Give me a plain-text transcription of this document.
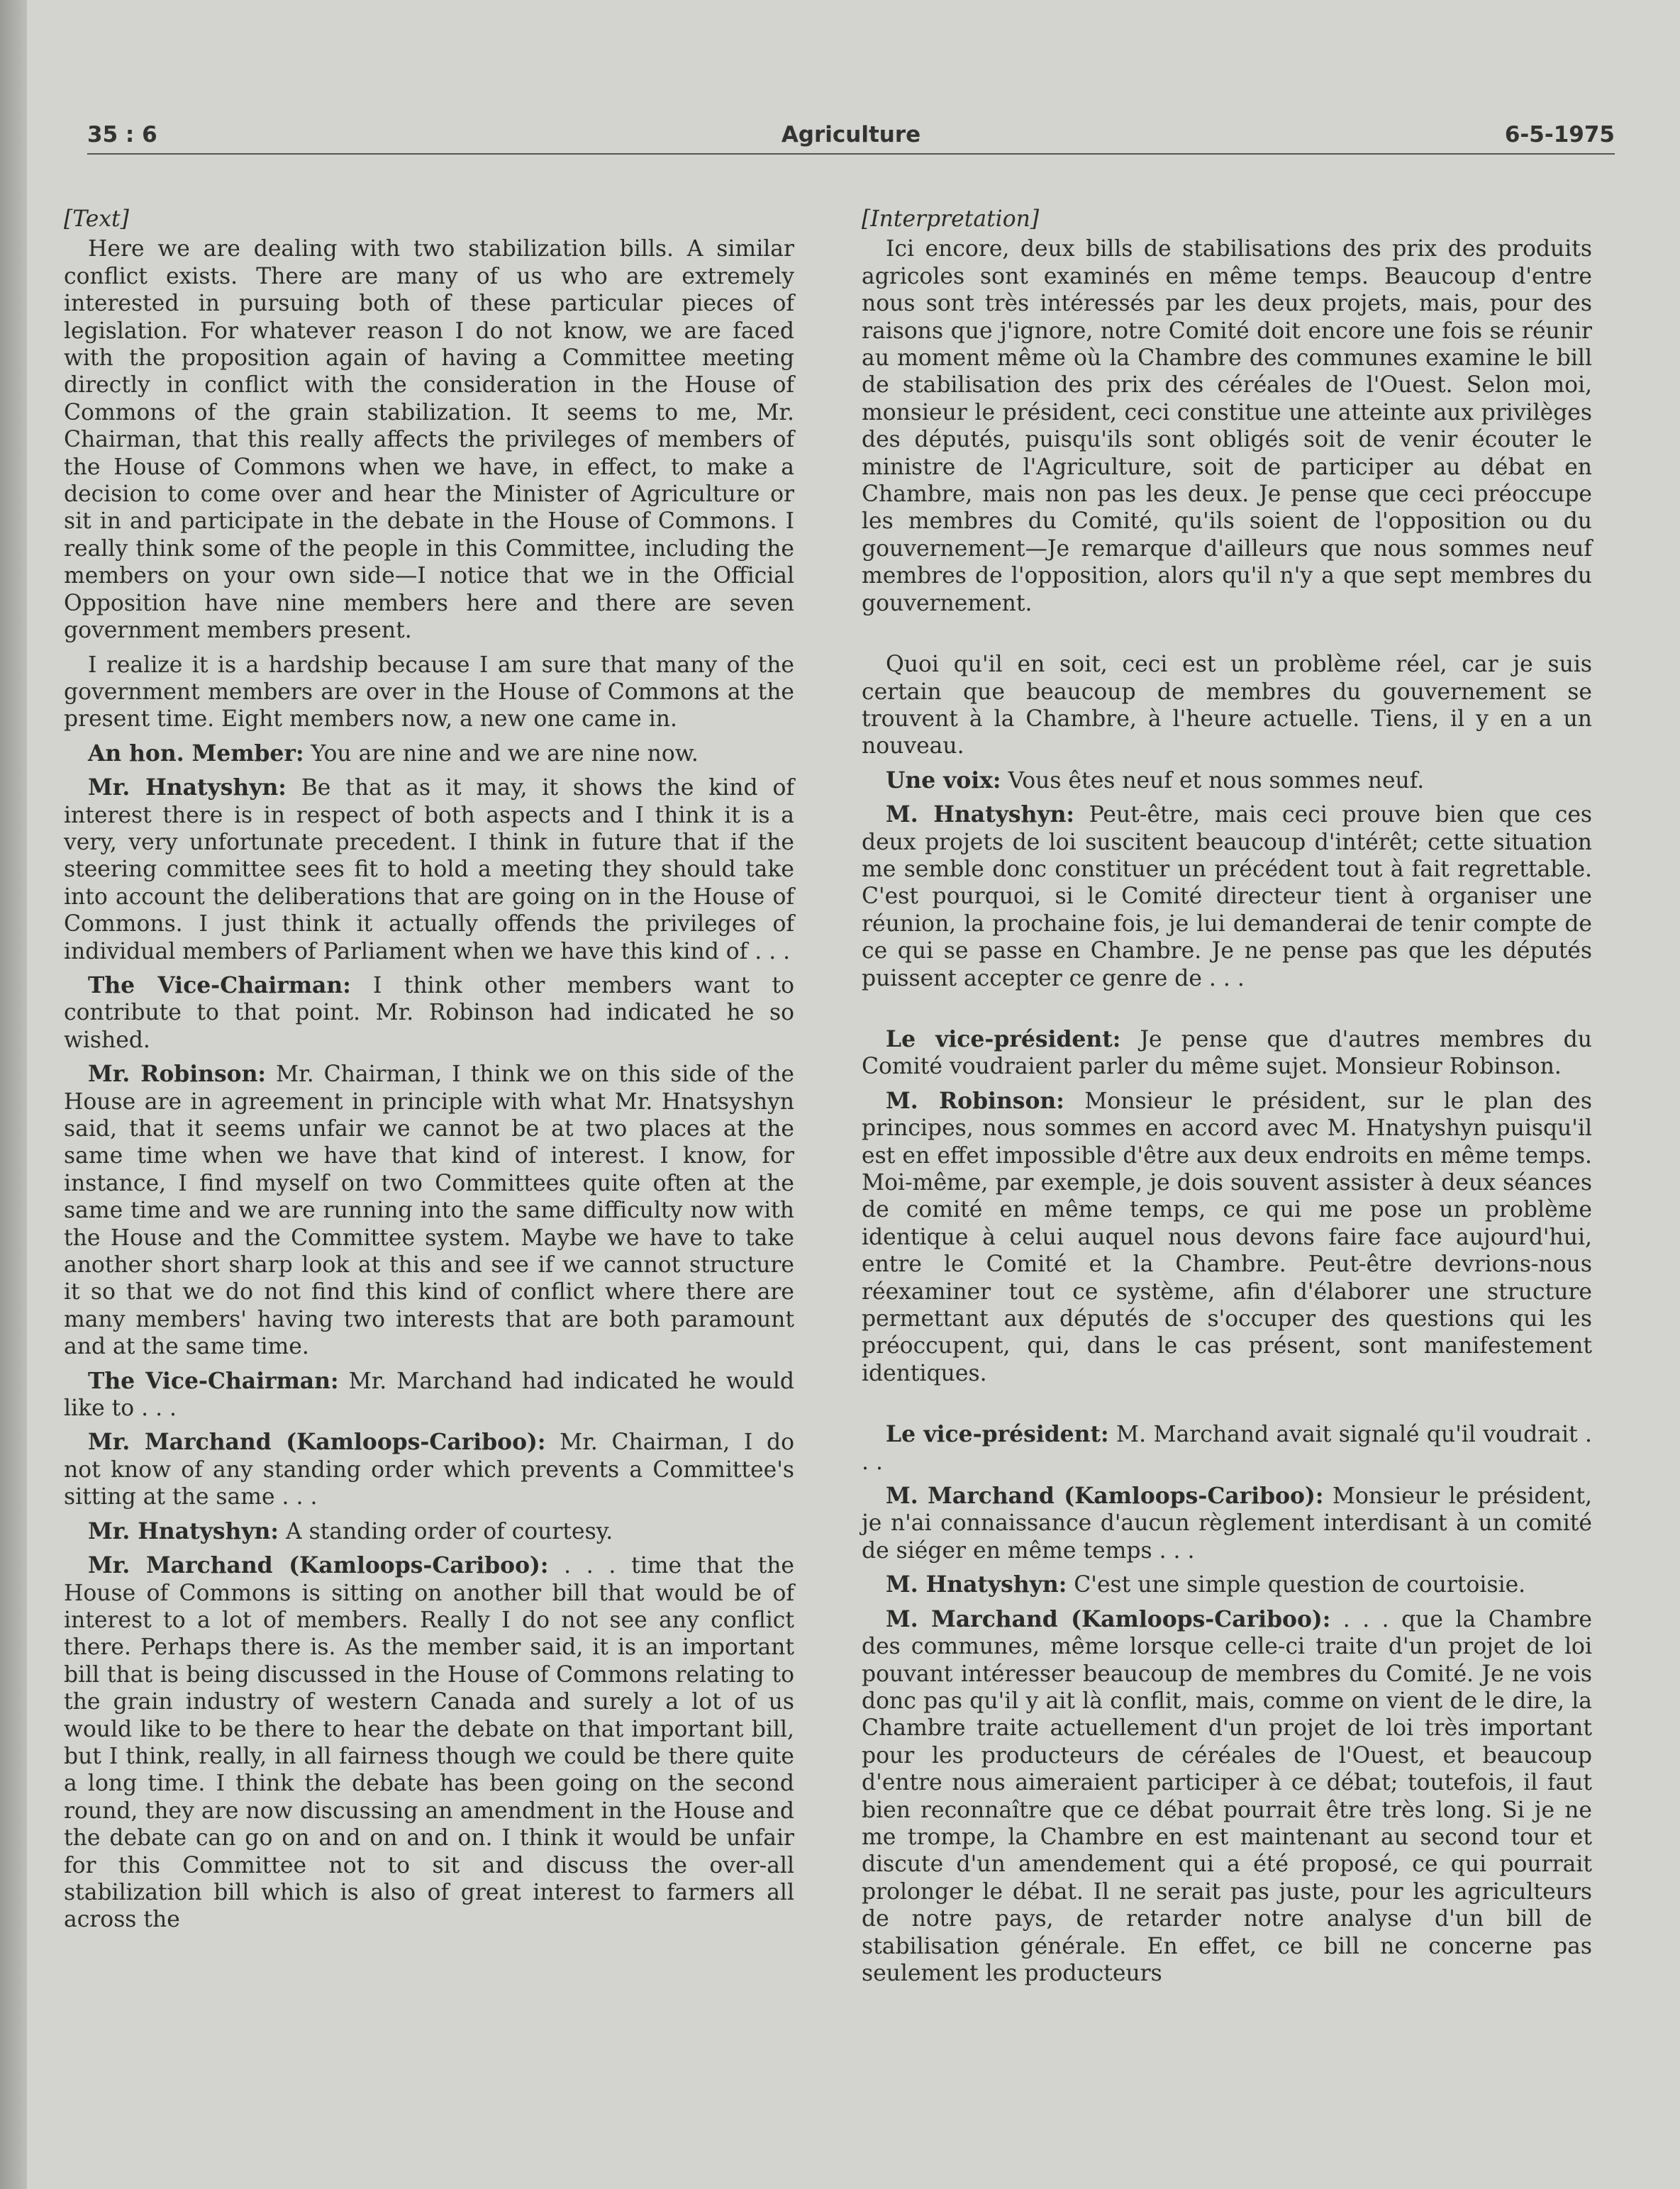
35 : 6	Agriculture	6-5-1975
[Text]

Here we are dealing with two stabilization bills. A similar conflict exists. There are many of us who are extremely interested in pursuing both of these particular pieces of legislation. For whatever reason I do not know, we are faced with the proposition again of having a Committee meeting directly in conflict with the consideration in the House of Commons of the grain stabilization. It seems to me, Mr. Chairman, that this really affects the privileges of members of the House of Commons when we have, in effect, to make a decision to come over and hear the Minister of Agriculture or sit in and participate in the debate in the House of Commons. I really think some of the people in this Committee, including the members on your own side—I notice that we in the Official Opposition have nine members here and there are seven government members present.

I realize it is a hardship because I am sure that many of the government members are over in the House of Commons at the present time. Eight members now, a new one came in.

An hon. Member: You are nine and we are nine now.

Mr. Hnatyshyn: Be that as it may, it shows the kind of interest there is in respect of both aspects and I think it is a very, very unfortunate precedent. I think in future that if the steering committee sees fit to hold a meeting they should take into account the deliberations that are going on in the House of Commons. I just think it actually offends the privileges of individual members of Parliament when we have this kind of . . .

The Vice-Chairman: I think other members want to contribute to that point. Mr. Robinson had indicated he so wished.

Mr. Robinson: Mr. Chairman, I think we on this side of the House are in agreement in principle with what Mr. Hnatsyshyn said, that it seems unfair we cannot be at two places at the same time when we have that kind of interest. I know, for instance, I find myself on two Committees quite often at the same time and we are running into the same difficulty now with the House and the Committee system. Maybe we have to take another short sharp look at this and see if we cannot structure it so that we do not find this kind of conflict where there are many members' having two interests that are both paramount and at the same time.

The Vice-Chairman: Mr. Marchand had indicated he would like to . . .

Mr. Marchand (Kamloops-Cariboo): Mr. Chairman, I do not know of any standing order which prevents a Committee's sitting at the same . . .

Mr. Hnatyshyn: A standing order of courtesy.

Mr. Marchand (Kamloops-Cariboo): . . . time that the House of Commons is sitting on another bill that would be of interest to a lot of members. Really I do not see any conflict there. Perhaps there is. As the member said, it is an important bill that is being discussed in the House of Commons relating to the grain industry of western Canada and surely a lot of us would like to be there to hear the debate on that important bill, but I think, really, in all fairness though we could be there quite a long time. I think the debate has been going on the second round, they are now discussing an amendment in the House and the debate can go on and on and on. I think it would be unfair for this Committee not to sit and discuss the over-all stabilization bill which is also of great interest to farmers all across the

[Interpretation]

Ici encore, deux bills de stabilisations des prix des produits agricoles sont examinés en même temps. Beaucoup d'entre nous sont très intéressés par les deux projets, mais, pour des raisons que j'ignore, notre Comité doit encore une fois se réunir au moment même où la Chambre des communes examine le bill de stabilisation des prix des céréales de l'Ouest. Selon moi, monsieur le président, ceci constitue une atteinte aux privilèges des députés, puisqu'ils sont obligés soit de venir écouter le ministre de l'Agriculture, soit de participer au débat en Chambre, mais non pas les deux. Je pense que ceci préoccupe les membres du Comité, qu'ils soient de l'opposition ou du gouvernement—Je remarque d'ailleurs que nous sommes neuf membres de l'opposition, alors qu'il n'y a que sept membres du gouvernement.

Quoi qu'il en soit, ceci est un problème réel, car je suis certain que beaucoup de membres du gouvernement se trouvent à la Chambre, à l'heure actuelle. Tiens, il y en a un nouveau.

Une voix: Vous êtes neuf et nous sommes neuf.

M. Hnatyshyn: Peut-être, mais ceci prouve bien que ces deux projets de loi suscitent beaucoup d'intérêt; cette situation me semble donc constituer un précédent tout à fait regrettable. C'est pourquoi, si le Comité directeur tient à organiser une réunion, la prochaine fois, je lui demanderai de tenir compte de ce qui se passe en Chambre. Je ne pense pas que les députés puissent accepter ce genre de . . .

Le vice-président: Je pense que d'autres membres du Comité voudraient parler du même sujet. Monsieur Robinson.

M. Robinson: Monsieur le président, sur le plan des principes, nous sommes en accord avec M. Hnatyshyn puisqu'il est en effet impossible d'être aux deux endroits en même temps. Moi-même, par exemple, je dois souvent assister à deux séances de comité en même temps, ce qui me pose un problème identique à celui auquel nous devons faire face aujourd'hui, entre le Comité et la Chambre. Peut-être devrions-nous réexaminer tout ce système, afin d'élaborer une structure permettant aux députés de s'occuper des questions qui les préoccupent, qui, dans le cas présent, sont manifestement identiques.

Le vice-président: M. Marchand avait signalé qu'il voudrait . . .

M. Marchand (Kamloops-Cariboo): Monsieur le président, je n'ai connaissance d'aucun règlement interdisant à un comité de siéger en même temps . . .

M. Hnatyshyn: C'est une simple question de courtoisie.

M. Marchand (Kamloops-Cariboo): . . . que la Chambre des communes, même lorsque celle-ci traite d'un projet de loi pouvant intéresser beaucoup de membres du Comité. Je ne vois donc pas qu'il y ait là conflit, mais, comme on vient de le dire, la Chambre traite actuellement d'un projet de loi très important pour les producteurs de céréales de l'Ouest, et beaucoup d'entre nous aimeraient participer à ce débat; toutefois, il faut bien reconnaître que ce débat pourrait être très long. Si je ne me trompe, la Chambre en est maintenant au second tour et discute d'un amendement qui a été proposé, ce qui pourrait prolonger le débat. Il ne serait pas juste, pour les agriculteurs de notre pays, de retarder notre analyse d'un bill de stabilisation générale. En effet, ce bill ne concerne pas seulement les producteurs
